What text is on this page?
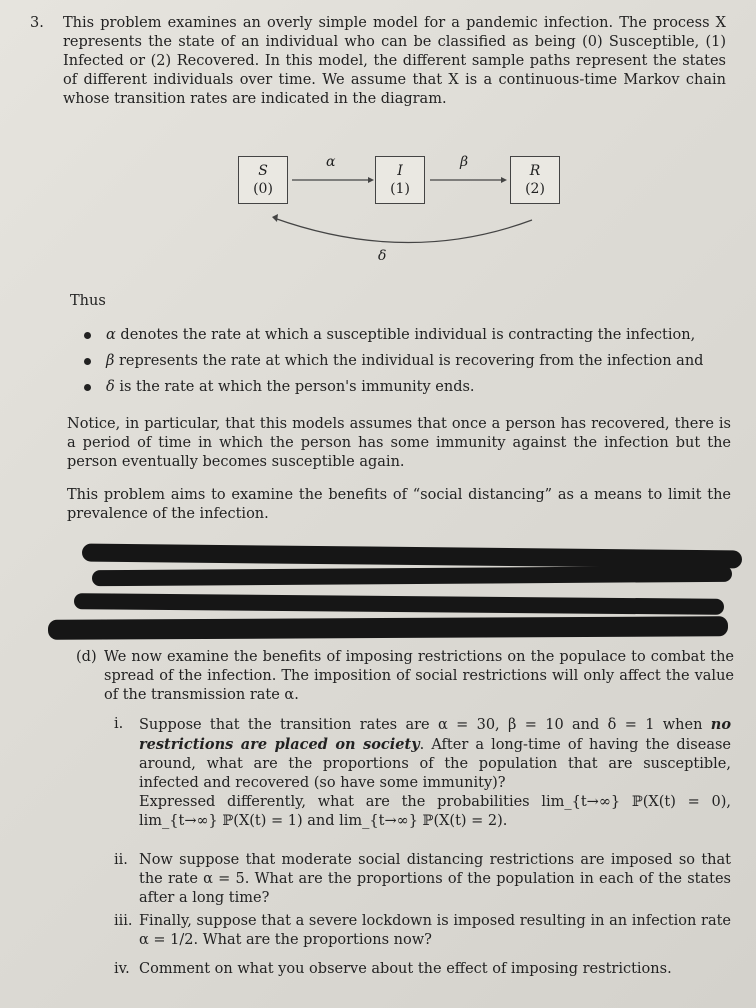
3. This problem examines an overly simple model for a pandemic infection. The process X represents the state of an individual who can be classified as being (0) Susceptible, (1) Infected or (2) Recovered. In this model, the different sample paths represent the states of different individuals over time. We assume that X is a continuous-time Markov chain whose transition rates are indicated in the diagram.
S
(0)
I
(1)
R
(2)
α	β
δ
Thus
α denotes the rate at which a susceptible individual is contracting the infection,
β represents the rate at which the individual is recovering from the infection and
δ is the rate at which the person's immunity ends.
Notice, in particular, that this models assumes that once a person has recovered, there is a period of time in which the person has some immunity against the infection but the person eventually becomes susceptible again.
This problem aims to examine the benefits of “social distancing” as a means to limit the prevalence of the infection.
(d) We now examine the benefits of imposing restrictions on the populace to combat the spread of the infection. The imposition of social restrictions will only affect the value of the transmission rate α.
i. Suppose that the transition rates are α = 30, β = 10 and δ = 1 when no restrictions are placed on society. After a long-time of having the disease around, what are the proportions of the population that are susceptible, infected and recovered (so have some immunity)?
Expressed differently, what are the probabilities lim_{t→∞} ℙ(X(t) = 0), lim_{t→∞} ℙ(X(t) = 1) and lim_{t→∞} ℙ(X(t) = 2).
ii. Now suppose that moderate social distancing restrictions are imposed so that the rate α = 5. What are the proportions of the population in each of the states after a long time?
iii. Finally, suppose that a severe lockdown is imposed resulting in an infection rate α = 1/2. What are the proportions now?
iv. Comment on what you observe about the effect of imposing restrictions.
